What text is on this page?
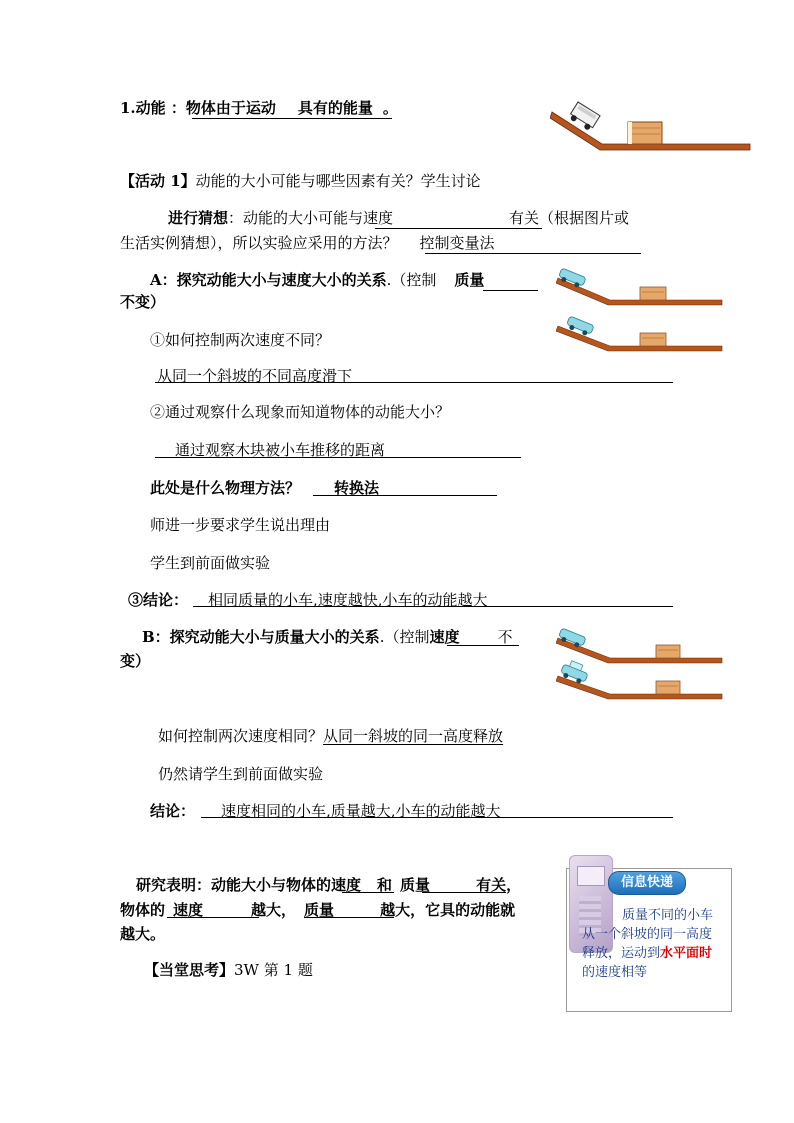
1.动能 ：物体由于运动 具有的能量 。
【活动 1】动能的大小可能与哪些因素有关？学生讨论
进行猜想：动能的大小可能与速度	有关（根据图片或
生活实例猜想），所以实验应采用的方法？ 控制变量法
A：探究动能大小与速度大小的关系.（控制 质量
不变）
①如何控制两次速度不同？
从同一个斜坡的不同高度滑下
②通过观察什么现象而知道物体的动能大小？
通过观察木块被小车推移的距离
此处是什么物理方法？ 转换法
师进一步要求学生说出理由
学生到前面做实验
③结论： 相同质量的小车,速度越快,小车的动能越大
B：探究动能大小与质量大小的关系.（控制速度	不
变）
如何控制两次速度相同？从同一斜坡的同一高度释放
仍然请学生到前面做实验
结论： 速度相同的小车,质量越大,小车的动能越大
研究表明：动能大小与物体的速度 和 质量	有关，
物体的 速度	越大， 质量	越大，它具的动能就
越大。
【当堂思考】3W 第 1 题
信息快递
质量不同的小车从一个斜坡的同一高度释放，运动到水平面时的速度相等
